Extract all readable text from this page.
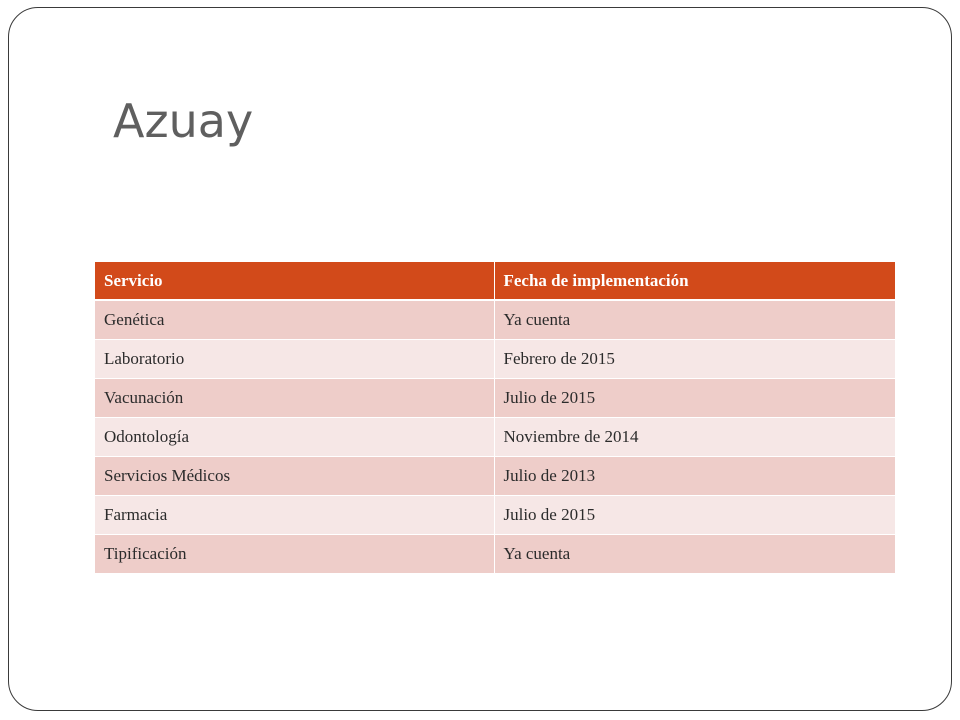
Azuay
Servicio	Fecha de implementación
Genética	Ya cuenta
Laboratorio	Febrero de 2015
Vacunación	Julio de 2015
Odontología	Noviembre de 2014
Servicios Médicos	Julio de 2013
Farmacia	Julio de 2015
Tipificación	Ya cuenta
